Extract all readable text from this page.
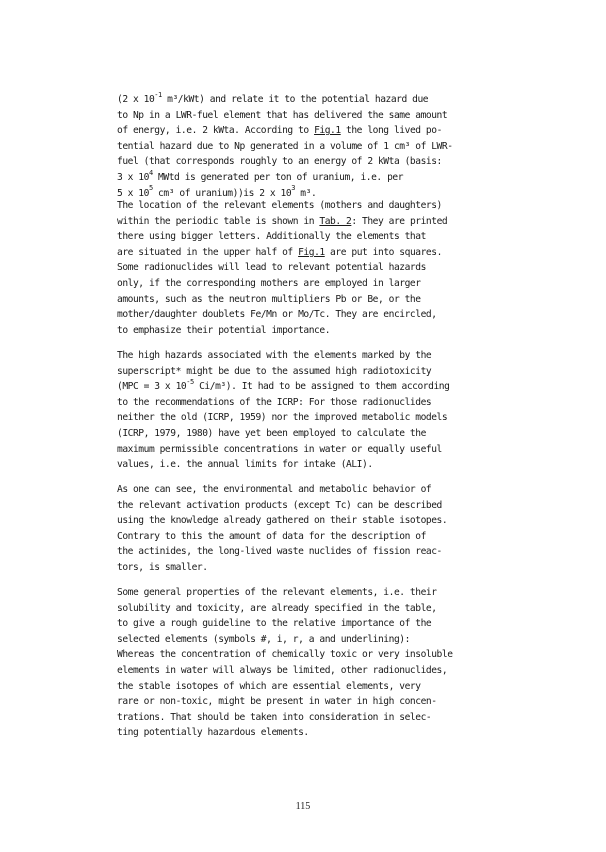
(2 x $10^{-1}$ m³/kWt) and relate it to the potential hazard due
to Np in a LWR-fuel element that has delivered the same amount
of energy, i.e. 2 kWta. According to Fig.1 the long lived po-
tential hazard due to Np generated in a volume of 1 cm³ of LWR-
fuel (that corresponds roughly to an energy of 2 kWta (basis:
3 x $10^4$ MWtd is generated per ton of uranium, i.e. per
5 x $10^5$ cm³ of uranium))is 2 x $10^3$ m³.
The location of the relevant elements (mothers and daughters)
within the periodic table is shown in Tab. 2: They are printed
there using bigger letters. Additionally the elements that
are situated in the upper half of Fig.1 are put into squares.
Some radionuclides will lead to relevant potential hazards
only, if the corresponding mothers are employed in larger
amounts, such as the neutron multipliers Pb or Be, or the
mother/daughter doublets Fe/Mn or Mo/Tc. They are encircled,
to emphasize their potential importance.
The high hazards associated with the elements marked by the
superscript* might be due to the assumed high radiotoxicity
(MPC = 3 x $10^{-5}$ Ci/m³). It had to be assigned to them according
to the recommendations of the ICRP: For those radionuclides
neither the old (ICRP, 1959) nor the improved metabolic models
(ICRP, 1979, 1980) have yet been employed to calculate the
maximum permissible concentrations in water or equally useful
values, i.e. the annual limits for intake (ALI).
As one can see, the environmental and metabolic behavior of
the relevant activation products (except Tc) can be described
using the knowledge already gathered on their stable isotopes.
Contrary to this the amount of data for the description of
the actinides, the long-lived waste nuclides of fission reac-
tors, is smaller.
Some general properties of the relevant elements, i.e. their
solubility and toxicity, are already specified in the table,
to give a rough guideline to the relative importance of the
selected elements (symbols #, i, r, a and underlining):
Whereas the concentration of chemically toxic or very insoluble
elements in water will always be limited, other radionuclides,
the stable isotopes of which are essential elements, very
rare or non-toxic, might be present in water in high concen-
trations. That should be taken into consideration in selec-
ting potentially hazardous elements.
115
